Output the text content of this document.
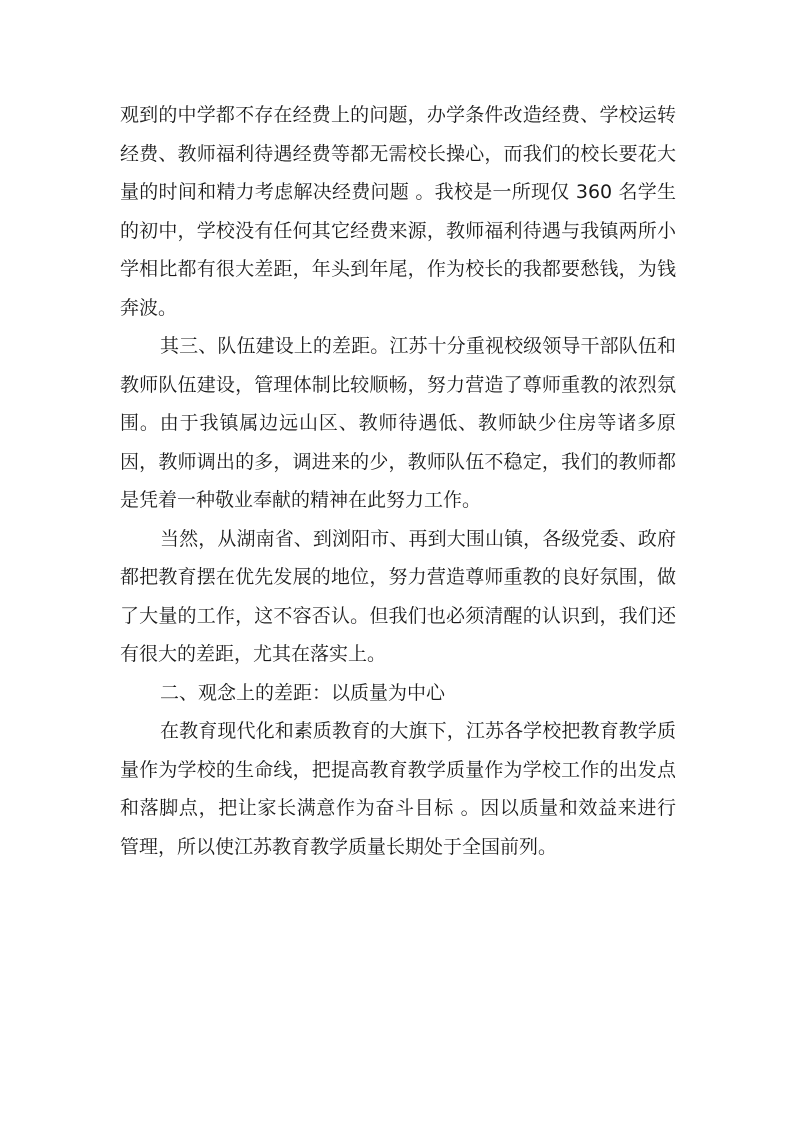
观到的中学都不存在经费上的问题，办学条件改造经费、学校运转经费、教师福利待遇经费等都无需校长操心，而我们的校长要花大量的时间和精力考虑解决经费问题 。我校是一所现仅 360 名学生的初中，学校没有任何其它经费来源，教师福利待遇与我镇两所小学相比都有很大差距，年头到年尾，作为校长的我都要愁钱，为钱奔波。

其三、队伍建设上的差距。江苏十分重视校级领导干部队伍和教师队伍建设，管理体制比较顺畅，努力营造了尊师重教的浓烈氛围。由于我镇属边远山区、教师待遇低、教师缺少住房等诸多原因，教师调出的多，调进来的少，教师队伍不稳定，我们的教师都是凭着一种敬业奉献的精神在此努力工作。

当然，从湖南省、到浏阳市、再到大围山镇，各级党委、政府都把教育摆在优先发展的地位，努力营造尊师重教的良好氛围，做了大量的工作，这不容否认。但我们也必须清醒的认识到，我们还有很大的差距，尤其在落实上。

二、观念上的差距：以质量为中心

在教育现代化和素质教育的大旗下，江苏各学校把教育教学质量作为学校的生命线，把提高教育教学质量作为学校工作的出发点和落脚点，把让家长满意作为奋斗目标 。因以质量和效益来进行管理，所以使江苏教育教学质量长期处于全国前列。
